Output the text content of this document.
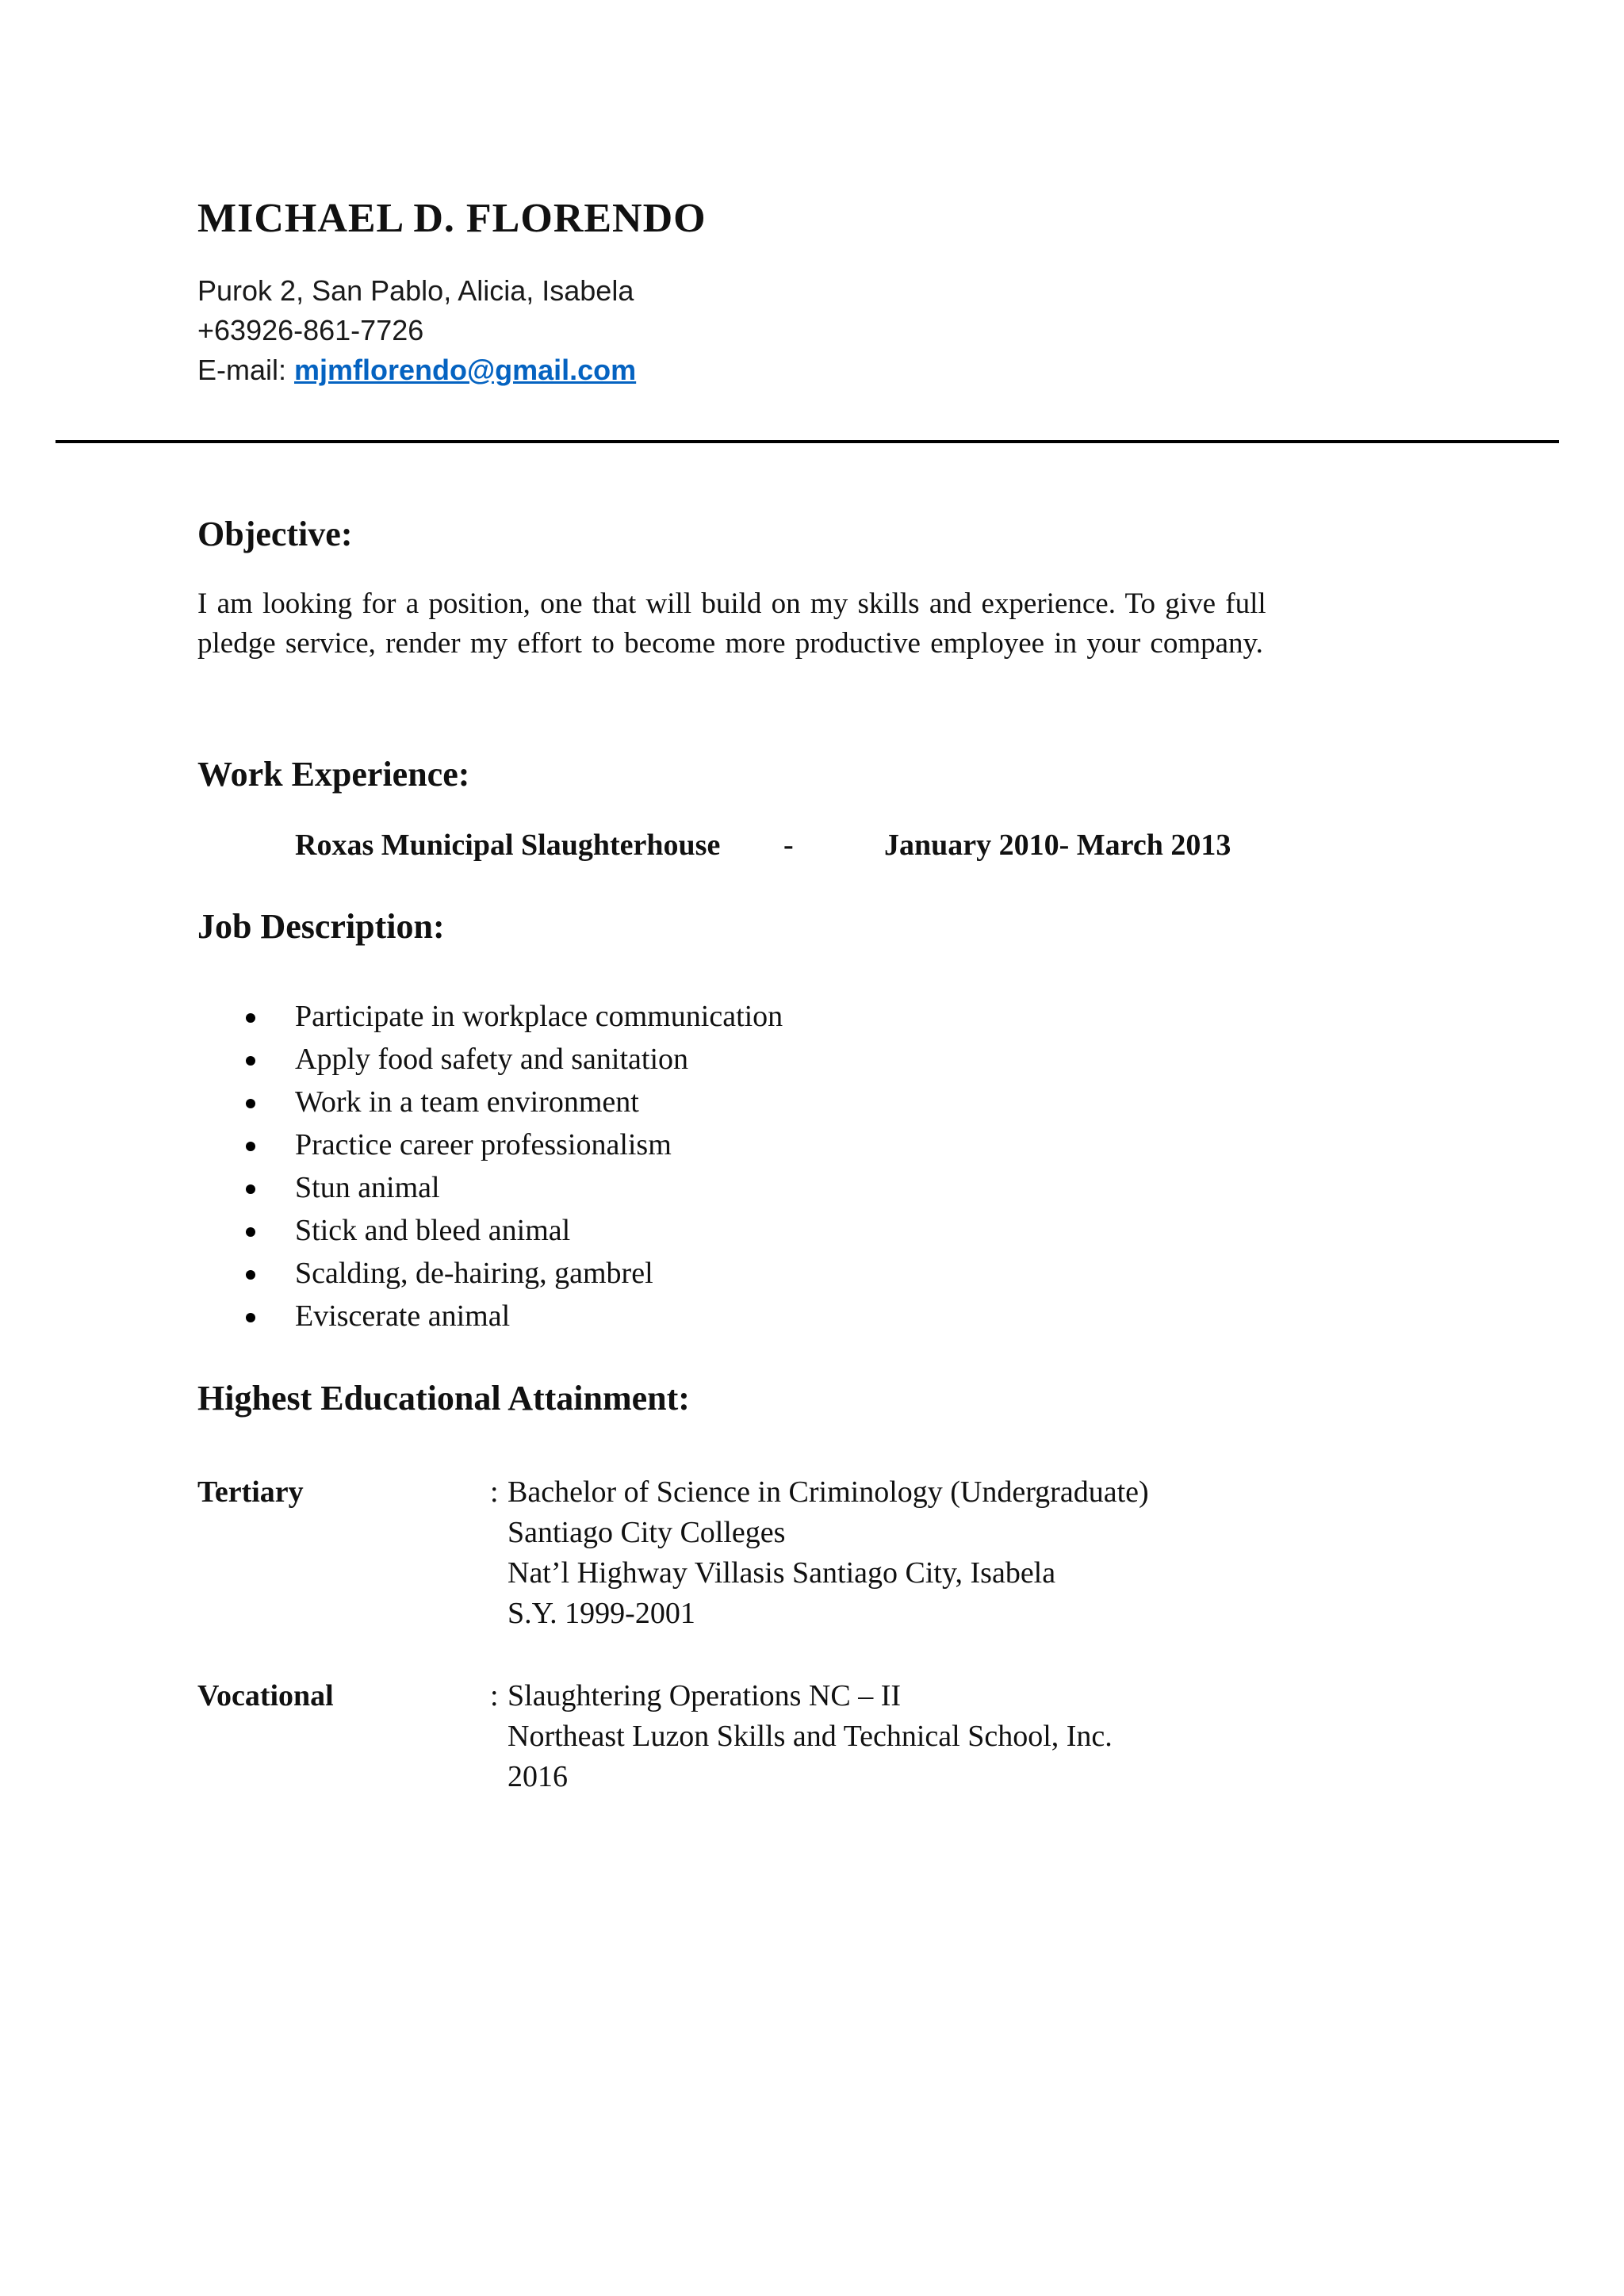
MICHAEL D. FLORENDO
Purok 2, San Pablo, Alicia, Isabela
+63926-861-7726
E-mail: mjmflorendo@gmail.com
Objective:
I am looking for a position, one that will build on my skills and experience. To give full
pledge service, render my effort to become more productive employee in your company.
Work Experience:
Roxas Municipal Slaughterhouse -	January 2010- March 2013
Job Description:
Participate in workplace communication
Apply food safety and sanitation
Work in a team environment
Practice career professionalism
Stun animal
Stick and bleed animal
Scalding, de-hairing, gambrel
Eviscerate animal
Highest Educational Attainment:
Tertiary	: Bachelor of Science in Criminology (Undergraduate)
Santiago City Colleges
Nat’l Highway Villasis Santiago City, Isabela
S.Y. 1999-2001
Vocational	: Slaughtering Operations NC – II
Northeast Luzon Skills and Technical School, Inc.
2016
